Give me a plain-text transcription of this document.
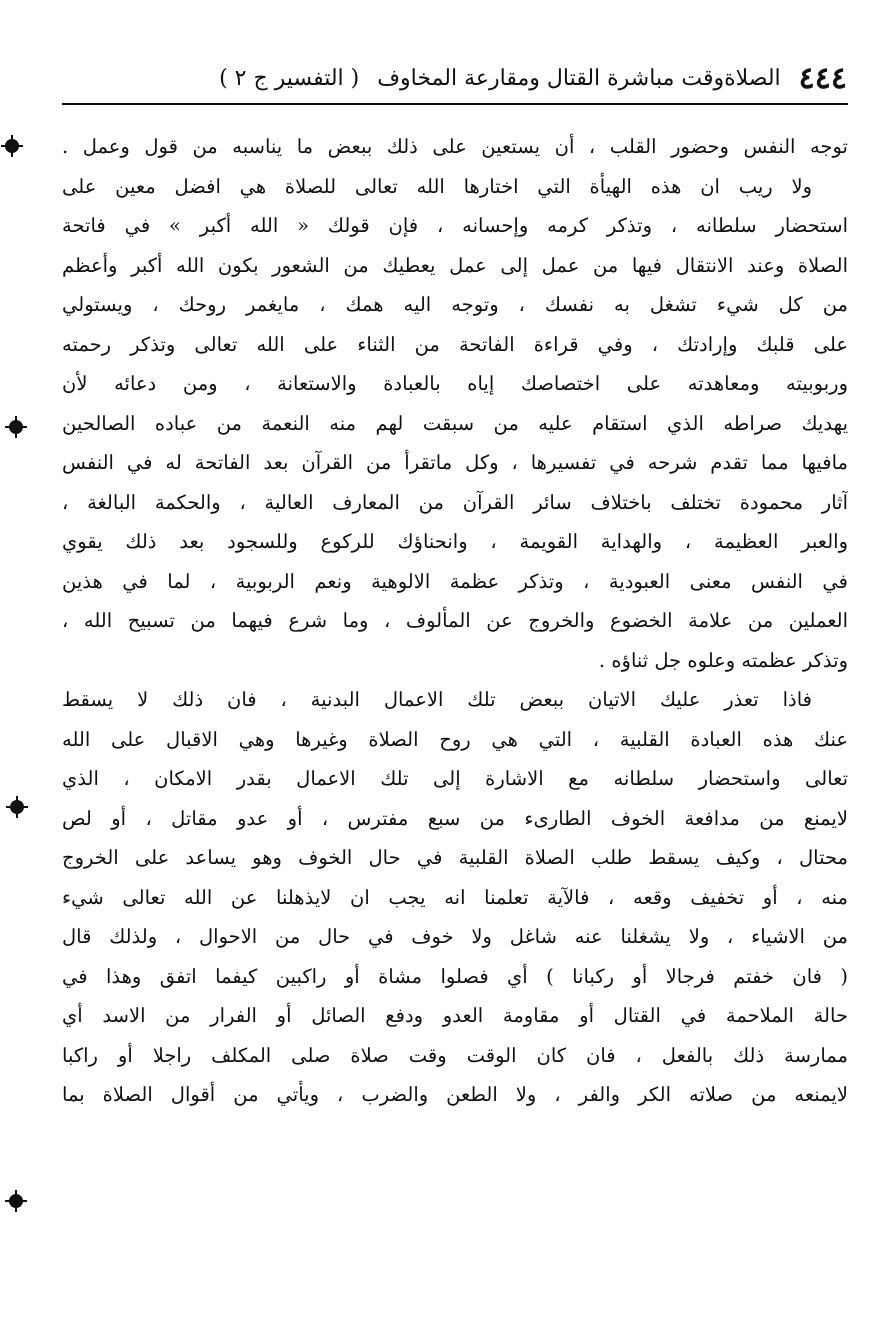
٤٤٤
الصلاةوقت مباشرة القتال ومقارعة المخاوف
( التفسير ج ٢ )
توجه النفس وحضور القلب ، أن يستعين على ذلك ببعض ما يناسبه من قول وعمل .
ولا ريب ان هذه الهيأة التي اختارها الله تعالى للصلاة هي افضل معين على
استحضار سلطانه ، وتذكر كرمه وإحسانه ، فإن قولك « الله أكبر » في فاتحة
الصلاة وعند الانتقال فيها من عمل إلى عمل يعطيك من الشعور بكون الله أكبر وأعظم
من كل شيء تشغل به نفسك ، وتوجه اليه همك ، مايغمر روحك ، ويستولي
على قلبك وإرادتك ، وفي قراءة الفاتحة من الثناء على الله تعالى وتذكر رحمته
وربوبيته ومعاهدته على اختصاصك إياه بالعبادة والاستعانة ، ومن دعائه لأن
يهديك صراطه الذي استقام عليه من سبقت لهم منه النعمة من عباده الصالحين
مافيها مما تقدم شرحه في تفسيرها ، وكل ماتقرأ من القرآن بعد الفاتحة له في النفس
آثار محمودة تختلف باختلاف سائر القرآن من المعارف العالية ، والحكمة البالغة ،
والعبر العظيمة ، والهداية القويمة ، وانحناؤك للركوع وللسجود بعد ذلك يقوي
في النفس معنى العبودية ، وتذكر عظمة الالوهية ونعم الربوبية ، لما في هذين
العملين من علامة الخضوع والخروج عن المألوف ، وما شرع فيهما من تسبيح الله ،
وتذكر عظمته وعلوه جل ثناؤه .
فاذا تعذر عليك الاتيان ببعض تلك الاعمال البدنية ، فان ذلك لا يسقط
عنك هذه العبادة القلبية ، التي هي روح الصلاة وغيرها وهي الاقبال على الله
تعالى واستحضار سلطانه مع الاشارة إلى تلك الاعمال بقدر الامكان ، الذي
لايمنع من مدافعة الخوف الطارىء من سبع مفترس ، أو عدو مقاتل ، أو لص
محتال ، وكيف يسقط طلب الصلاة القلبية في حال الخوف وهو يساعد على الخروج
منه ، أو تخفيف وقعه ، فالآية تعلمنا انه يجب ان لايذهلنا عن الله تعالى شيء
من الاشياء ، ولا يشغلنا عنه شاغل ولا خوف في حال من الاحوال ، ولذلك قال
( فان خفتم فرجالا أو ركبانا ) أي فصلوا مشاة أو راكبين كيفما اتفق وهذا في
حالة الملاحمة في القتال أو مقاومة العدو ودفع الصائل أو الفرار من الاسد أي
ممارسة ذلك بالفعل ، فان كان الوقت وقت صلاة صلى المكلف راجلا أو راكبا
لايمنعه من صلاته الكر والفر ، ولا الطعن والضرب ، ويأتي من أقوال الصلاة بما
